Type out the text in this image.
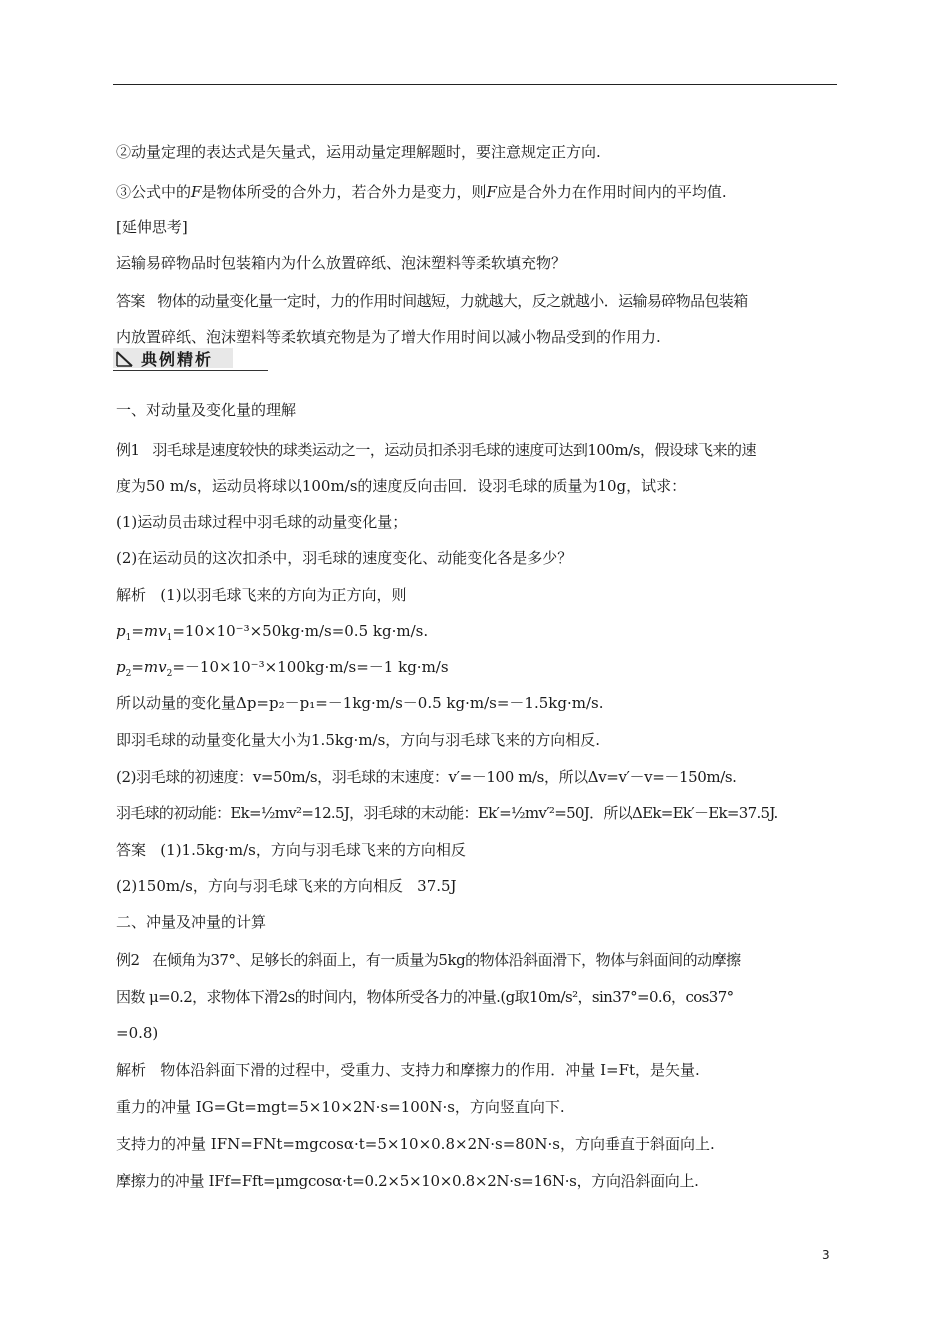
②动量定理的表达式是矢量式，运用动量定理解题时，要注意规定正方向.
③公式中的F是物体所受的合外力，若合外力是变力，则F应是合外力在作用时间内的平均值.
[延伸思考]
运输易碎物品时包装箱内为什么放置碎纸、泡沫塑料等柔软填充物？
答案   物体的动量变化量一定时，力的作用时间越短，力就越大，反之就越小．运输易碎物品包装箱
内放置碎纸、泡沫塑料等柔软填充物是为了增大作用时间以减小物品受到的作用力.
典例精析
一、对动量及变化量的理解
例1   羽毛球是速度较快的球类运动之一，运动员扣杀羽毛球的速度可达到100m/s，假设球飞来的速
度为50 m/s，运动员将球以100m/s的速度反向击回．设羽毛球的质量为10g，试求：
(1)运动员击球过程中羽毛球的动量变化量；
(2)在运动员的这次扣杀中，羽毛球的速度变化、动能变化各是多少？
解析   (1)以羽毛球飞来的方向为正方向，则
$p_1=mv_1=10\times 10^{-3}\times 50kg\cdot m/s=0.5$ kg·m/s.
$p_2=mv_2=-10\times 10^{-3}\times 100kg\cdot m/s=-1$ kg·m/s
所以动量的变化量Δp=p₂－p₁=－1kg·m/s－0.5 kg·m/s=－1.5kg·m/s.
即羽毛球的动量变化量大小为1.5kg·m/s，方向与羽毛球飞来的方向相反.
(2)羽毛球的初速度：v=50m/s，羽毛球的末速度：v′=－100 m/s，所以Δv=v′－v=－150m/s.
羽毛球的初动能：Ek=½mv²=12.5J，羽毛球的末动能：Ek′=½mv′²=50J．所以ΔEk=Ek′－Ek=37.5J.
答案   (1)1.5kg·m/s，方向与羽毛球飞来的方向相反
(2)150m/s，方向与羽毛球飞来的方向相反   37.5J
二、冲量及冲量的计算
例2   在倾角为37°、足够长的斜面上，有一质量为5kg的物体沿斜面滑下，物体与斜面间的动摩擦
因数 μ=0.2，求物体下滑2s的时间内，物体所受各力的冲量.(g取10m/s²，sin37°=0.6，cos37°
=0.8)
解析   物体沿斜面下滑的过程中，受重力、支持力和摩擦力的作用．冲量 I=Ft，是矢量.
重力的冲量 IG=Gt=mgt=5×10×2N·s=100N·s，方向竖直向下.
支持力的冲量 IFN=FNt=mgcosα·t=5×10×0.8×2N·s=80N·s，方向垂直于斜面向上.
摩擦力的冲量 IFf=Fft=μmgcosα·t=0.2×5×10×0.8×2N·s=16N·s，方向沿斜面向上.
3
